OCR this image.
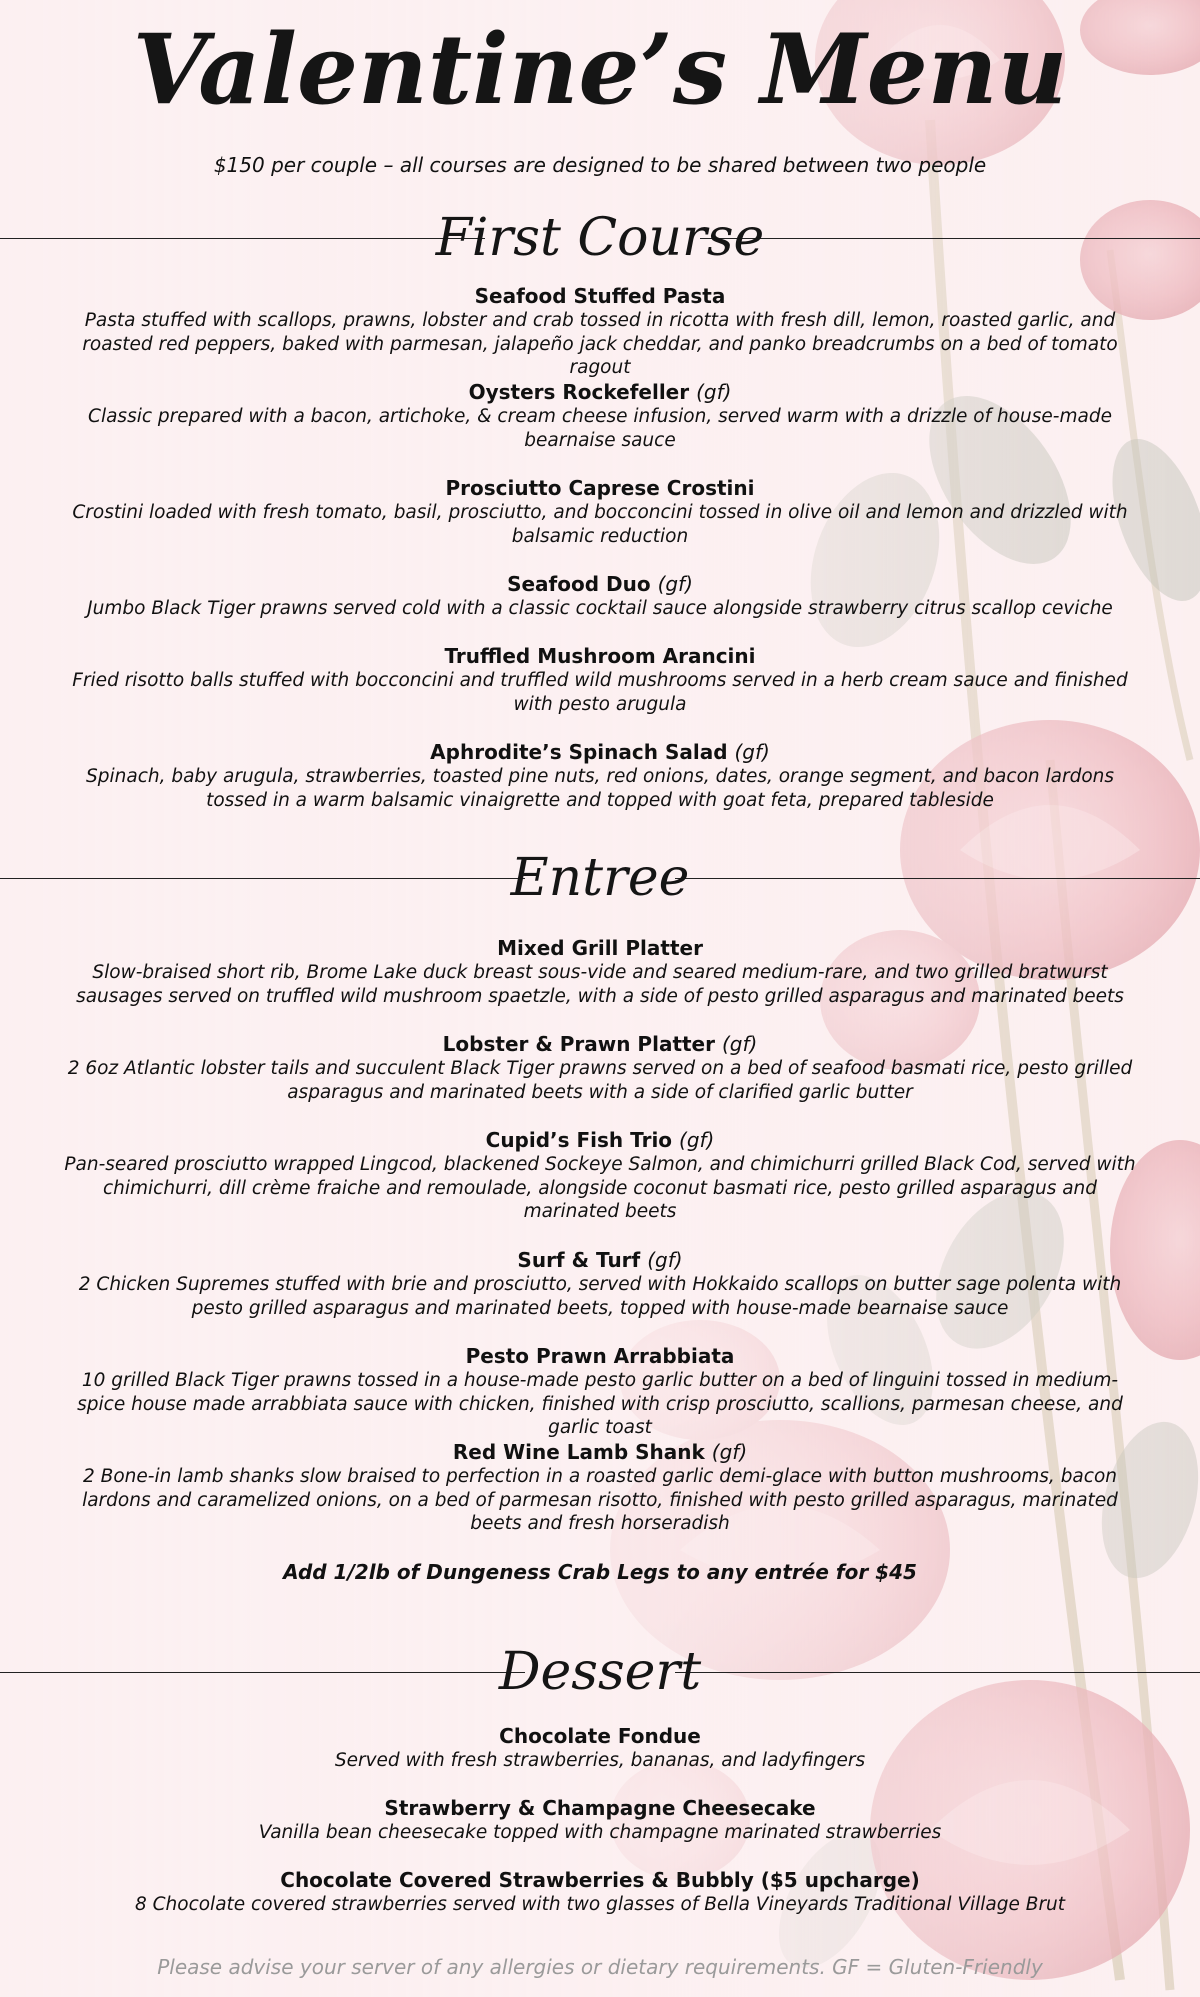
Valentine’s Menu
$150 per couple – all courses are designed to be shared between two people
First Course
Seafood Stuffed Pasta
Pasta stuffed with scallops, prawns, lobster and crab tossed in ricotta with fresh dill, lemon, roasted garlic, and roasted red peppers, baked with parmesan, jalapeño jack cheddar, and panko breadcrumbs on a bed of tomato ragout
Oysters Rockefeller (gf)
Classic prepared with a bacon, artichoke, & cream cheese infusion, served warm with a drizzle of house-made bearnaise sauce
Prosciutto Caprese Crostini
Crostini loaded with fresh tomato, basil, prosciutto, and bocconcini tossed in olive oil and lemon and drizzled with balsamic reduction
Seafood Duo (gf)
Jumbo Black Tiger prawns served cold with a classic cocktail sauce alongside strawberry citrus scallop ceviche
Truffled Mushroom Arancini
Fried risotto balls stuffed with bocconcini and truffled wild mushrooms served in a herb cream sauce and finished with pesto arugula
Aphrodite’s Spinach Salad (gf)
Spinach, baby arugula, strawberries, toasted pine nuts, red onions, dates, orange segment, and bacon lardons tossed in a warm balsamic vinaigrette and topped with goat feta, prepared tableside
Entree
Mixed Grill Platter
Slow-braised short rib, Brome Lake duck breast sous-vide and seared medium-rare, and two grilled bratwurst sausages served on truffled wild mushroom spaetzle, with a side of pesto grilled asparagus and marinated beets
Lobster & Prawn Platter (gf)
2 6oz Atlantic lobster tails and succulent Black Tiger prawns served on a bed of seafood basmati rice, pesto grilled asparagus and marinated beets with a side of clarified garlic butter
Cupid’s Fish Trio (gf)
Pan-seared prosciutto wrapped Lingcod, blackened Sockeye Salmon, and chimichurri grilled Black Cod, served with chimichurri, dill crème fraiche and remoulade, alongside coconut basmati rice, pesto grilled asparagus and marinated beets
Surf & Turf (gf)
2 Chicken Supremes stuffed with brie and prosciutto, served with Hokkaido scallops on butter sage polenta with pesto grilled asparagus and marinated beets, topped with house-made bearnaise sauce
Pesto Prawn Arrabbiata
10 grilled Black Tiger prawns tossed in a house-made pesto garlic butter on a bed of linguini tossed in medium-spice house made arrabbiata sauce with chicken, finished with crisp prosciutto, scallions, parmesan cheese, and garlic toast
Red Wine Lamb Shank (gf)
2 Bone-in lamb shanks slow braised to perfection in a roasted garlic demi-glace with button mushrooms, bacon lardons and caramelized onions, on a bed of parmesan risotto, finished with pesto grilled asparagus, marinated beets and fresh horseradish
Add 1/2lb of Dungeness Crab Legs to any entrée for $45
Dessert
Chocolate Fondue
Served with fresh strawberries, bananas, and ladyfingers
Strawberry & Champagne Cheesecake
Vanilla bean cheesecake topped with champagne marinated strawberries
Chocolate Covered Strawberries & Bubbly ($5 upcharge)
8 Chocolate covered strawberries served with two glasses of Bella Vineyards Traditional Village Brut
Please advise your server of any allergies or dietary requirements. GF = Gluten-Friendly
